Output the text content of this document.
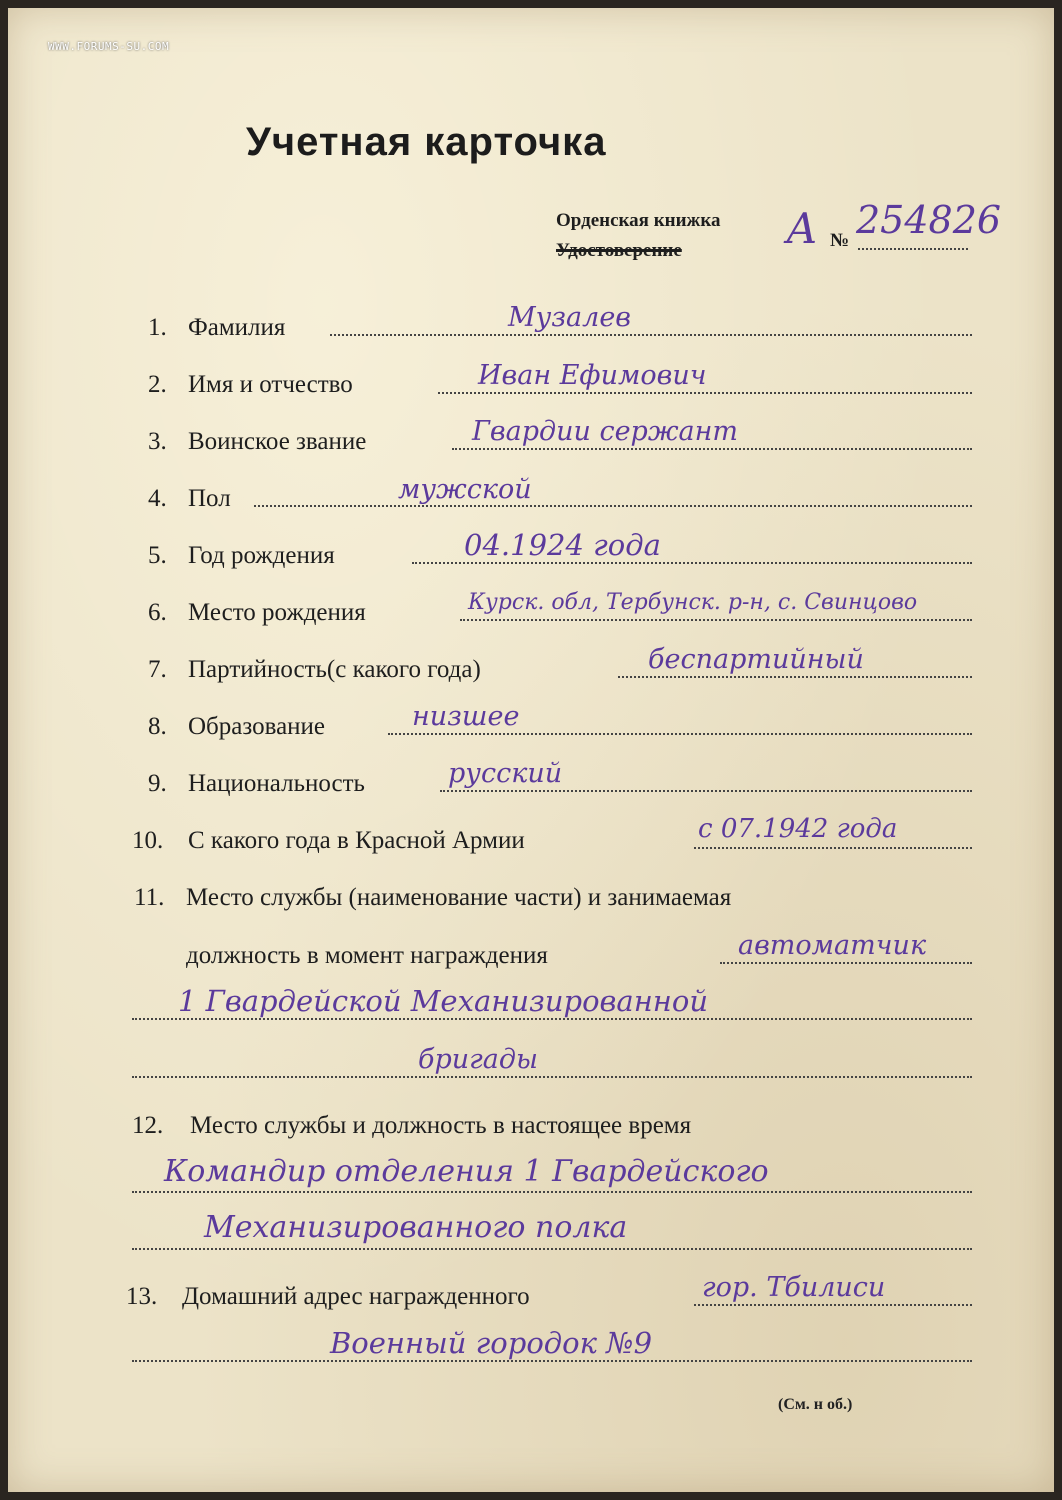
WWW.FORUMS-SU.COM
Учетная карточка
Орденская книжка
Удостоверение А № 254826
1. Фамилия	Музалев
2. Имя и отчество	Иван Ефимович
3. Воинское звание	Гвардии сержант
4. Пол	мужской
5. Год рождения	04.1924 года
6. Место рождения	Курск. обл, Тербунск. р-н, с. Свинцово
7. Партийность(с какого года)	беспартийный
8. Образование	низшее
9. Национальность	русский
10. С какого года в Красной Армии	с 07.1942 года
11. Место службы (наименование части) и занимаемая
должность в момент награждения	автоматчик
1 Гвардейской Механизированной
бригады
12. Место службы и должность в настоящее время
Командир отделения 1 Гвардейского
Механизированного полка
13. Домашний адрес награжденного	гор. Тбилиси
Военный городок №9
(См. н об.)
